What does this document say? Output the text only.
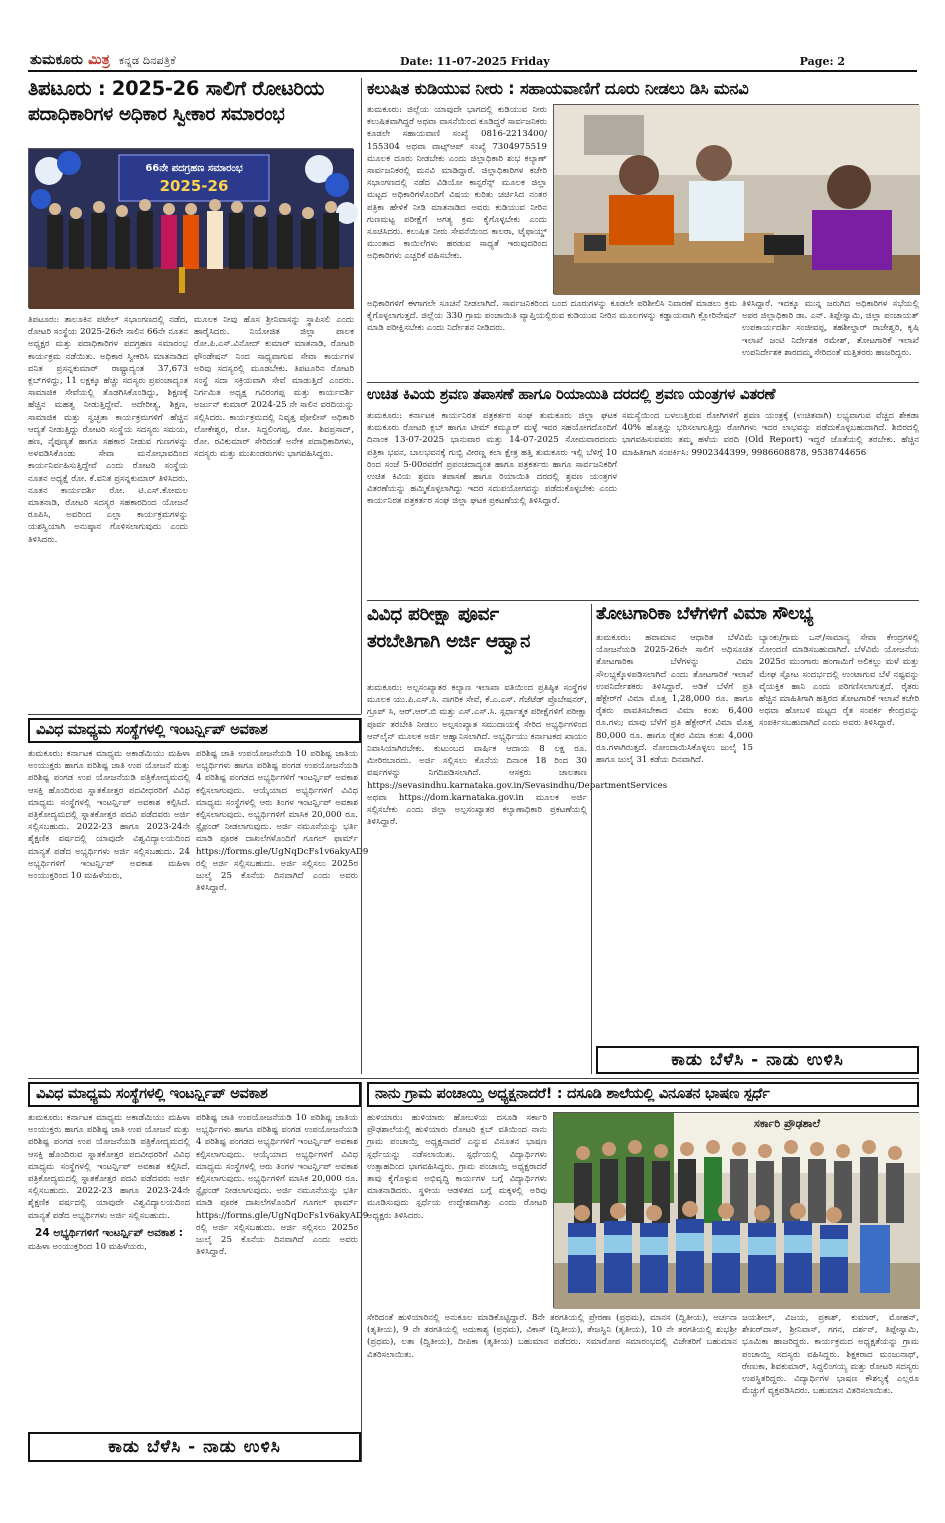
ತುಮಕೂರು ಮಿತ್ರ ಕನ್ನಡ ದಿನಪತ್ರಿಕೆ	Date: 11-07-2025 Friday	Page: 2
ತಿಪಟೂರು : 2025-26 ಸಾಲಿಗೆ ರೋಟರಿಯ
ಪದಾಧಿಕಾರಿಗಳ ಅಧಿಕಾರ ಸ್ವೀಕಾರ ಸಮಾರಂಭ
66ನೇ ಪದಗ್ರಹಣ ಸಮಾರಂಭ
2025-26
ತಿಪಟೂರು: ತಾಲೂಕಿನ ಪಟೇಲ್ ಸಭಾಂಗಣದಲ್ಲಿ ನಡೆದ, ರೋಟರಿ ಸಂಸ್ಥೆಯ 2025-26ನೇ ಸಾಲಿನ 66ನೇ ನೂತನ ಅಧ್ಯಕ್ಷರ ಮತ್ತು ಪದಾಧಿಕಾರಿಗಳ ಪದಗ್ರಹಣ ಸಮಾರಂಭ ಕಾರ್ಯಕ್ರಮ ನಡೆಯಿತು. ಅಧಿಕಾರ ಸ್ವೀಕರಿಸಿ ಮಾತನಾಡಿದ ವನಿತ ಪ್ರಸನ್ನಕುಮಾರ್ ರಾಷ್ಟ್ರಾದ್ಯಂತ 37,673 ಕ್ಲಬ್‌ಗಳಿದ್ದು, 11 ಲಕ್ಷಕ್ಕೂ ಹೆಚ್ಚು ಸದಸ್ಯರು ಪ್ರಪಂಚಾದ್ಯಂತ ಸಾಮಾಜಿಕ ಸೇವೆಯಲ್ಲಿ ತೊಡಗಿಸಿಕೊಂಡಿದ್ದು, ಶಿಕ್ಷಣಕ್ಕೆ ಹೆಚ್ಚಿನ ಮಹತ್ವ ನೀಡುತ್ತಿದ್ದೇವೆ. ಅದೇರೀತ್ಯ, ಶಿಕ್ಷಣ, ಸಾಮಾಜಿಕ ಮತ್ತು ಸ್ವಚ್ಛತಾ ಕಾರ್ಯಕ್ರಮಗಳಿಗೆ ಹೆಚ್ಚಿನ ಆದ್ಯತೆ ನೀಡುತ್ತಿದ್ದು ರೋಟರಿ ಸಂಸ್ಥೆಯ ಸದಸ್ಯರು ಸಮಯ, ಹಣ, ನೈಪುಣ್ಯತೆ ಹಾಗೂ ಸಹಕಾರ ನೀಡುವ ಗುಣಗಳನ್ನು ಅಳವಡಿಸಿಕೊಂಡು ಸೇವಾ ಮನೋಭಾವದಿಂದ ಕಾರ್ಯನಿರ್ವಹಿಸುತ್ತಿದ್ದೇವೆ ಎಂದು ರೋಟರಿ ಸಂಸ್ಥೆಯ ನೂತನ ಅಧ್ಯಕ್ಷೆ ರೋ. ಕೆ.ವನಿತ ಪ್ರಸನ್ನಕುಮಾರ್ ತಿಳಿಸಿದರು. ನೂತನ ಕಾರ್ಯದರ್ಶಿ ರೋ. ಟಿ.ಎಸ್.ಕೋಮಲ ಮಾತನಾಡಿ, ರೋಟರಿ ಸದಸ್ಯರ ಸಹಕಾರದಿಂದ ಯೋಜನೆ ರೂಪಿಸಿ, ಅವರಿಂದ ಎಲ್ಲಾ ಕಾರ್ಯಕ್ರಮಗಳನ್ನು ಯಶಸ್ವಿಯಾಗಿ ಅನುಷ್ಠಾನ ಗೊಳಿಸಲಾಗುವುದು ಎಂದು ತಿಳಿಸಿದರು.
ಮೂಲಕ ನೀವು ಹೊಸ ಶ್ರೀನಿವಾಸನ್ನು ಸ್ಥಾಪಿಸಲಿ ಎಂದು ಹಾರೈಸಿದರು. ನಿಯೋಜಿತ ಜಿಲ್ಲಾ ಪಾಲಕ ರೋ.ಪಿ.ಎಸ್.ವಿನೋದ್ ಕುಮಾರ್ ಮಾತನಾಡಿ, ರೋಟರಿ ಫೌಂಡೇಷನ್ ನಿಂದ ಸಾಧ್ಯವಾಗುವ ಸೇವಾ ಕಾರ್ಯಗಳ ಅರಿವು ಸದಸ್ಯರಲ್ಲಿ ಮೂಡಬೇಕು. ತಿಪಟೂರಿನ ರೋಟರಿ ಸಂಸ್ಥೆ ಸದಾ ಸಕ್ರಿಯವಾಗಿ ಸೇವೆ ಮಾಡುತ್ತಿದೆ ಎಂದರು. ನಿರ್ಗಮಿತ ಅಧ್ಯಕ್ಷ ಗವಿರಂಗಪ್ಪ ಮತ್ತು ಕಾರ್ಯದರ್ಶಿ ಅರ್ಜುನ್ ಕುಮಾರ್ 2024-25 ನೇ ಸಾಲಿನ ವರದಿಯನ್ನು ಸಲ್ಲಿಸಿದರು. ಕಾರ್ಯಕ್ರಮದಲ್ಲಿ ನಿವೃತ್ತ ಪೋಲೀಸ್ ಅಧಿಕಾರಿ ಲೋಕೇಶ್ವರ, ರೋ. ಸಿದ್ದಲಿಂಗಪ್ಪ, ರೋ. ಶಿವಪ್ರಸಾದ್, ರೋ. ರವಿಕುಮಾರ್ ಸೇರಿದಂತೆ ಅನೇಕ ಪದಾಧಿಕಾರಿಗಳು, ಸದಸ್ಯರು ಮತ್ತು ಮುಖಂಡರುಗಳು ಭಾಗವಹಿಸಿದ್ದರು.
ಕಲುಷಿತ ಕುಡಿಯುವ ನೀರು : ಸಹಾಯವಾಣಿಗೆ ದೂರು ನೀಡಲು ಡಿಸಿ ಮನವಿ
ತುಮಕೂರು: ಜಿಲ್ಲೆಯ ಯಾವುದೇ ಭಾಗದಲ್ಲಿ ಕುಡಿಯುವ ನೀರು ಕಲುಷಿತವಾಗಿದ್ದರೆ ಅಥವಾ ವಾಸನೆಯಿಂದ ಕೂಡಿದ್ದರೆ ಸಾರ್ವಜನಿಕರು ಕೂಡಲೇ ಸಹಾಯವಾಣಿ ಸಂಖ್ಯೆ 0816-2213400/ 155304 ಅಥವಾ ವಾಟ್ಸ್ಆಪ್ ಸಂಖ್ಯೆ 7304975519 ಮೂಲಕ ದೂರು ನೀಡಬೇಕು ಎಂದು ಜಿಲ್ಲಾಧಿಕಾರಿ ಶುಭ ಕಲ್ಯಾಣ್ ಸಾರ್ವಜನಿಕರಲ್ಲಿ ಮನವಿ ಮಾಡಿದ್ದಾರೆ. ಜಿಲ್ಲಾಧಿಕಾರಿಗಳ ಕಚೇರಿ ಸಭಾಂಗಣದಲ್ಲಿ ನಡೆದ ವಿಡಿಯೋ ಕಾನ್ಫರೆನ್ಸ್ ಮೂಲಕ ಜಿಲ್ಲಾ ಮಟ್ಟದ ಅಧಿಕಾರಿಗಳೊಂದಿಗೆ ವಿಷಯ ಕುರಿತು ಚರ್ಚಿಸಿದ ನಂತರ ಪತ್ರಿಕಾ ಹೇಳಿಕೆ ನೀಡಿ ಮಾತನಾಡಿದ ಅವರು ಕುಡಿಯುವ ನೀರಿನ ಗುಣಮಟ್ಟ ಪರೀಕ್ಷೆಗೆ ಅಗತ್ಯ ಕ್ರಮ ಕೈಗೊಳ್ಳಬೇಕು ಎಂದು ಸೂಚಿಸಿದರು. ಕಲುಷಿತ ನೀರು ಸೇವನೆಯಿಂದ ಕಾಲರಾ, ಟೈಫಾಯ್ಡ್ ಮುಂತಾದ ಕಾಯಿಲೆಗಳು ಹರಡುವ ಸಾಧ್ಯತೆ ಇರುವುದರಿಂದ ಅಧಿಕಾರಿಗಳು ಎಚ್ಚರಿಕೆ ವಹಿಸಬೇಕು.
ಅಧಿಕಾರಿಗಳಿಗೆ ಈಗಾಗಲೇ ಸೂಚನೆ ನೀಡಲಾಗಿದೆ. ಸಾರ್ವಜನಿಕರಿಂದ ಬಂದ ದೂರುಗಳನ್ನು ಕೂಡಲೇ ಪರಿಶೀಲಿಸಿ ನಿವಾರಣೆ ಮಾಡಲು ಕ್ರಮ ಕೈಗೊಳ್ಳಲಾಗುತ್ತದೆ. ಜಿಲ್ಲೆಯ 330 ಗ್ರಾಮ ಪಂಚಾಯಿತಿ ವ್ಯಾಪ್ತಿಯಲ್ಲಿರುವ ಕುಡಿಯುವ ನೀರಿನ ಮೂಲಗಳನ್ನು ಕಡ್ಡಾಯವಾಗಿ ಕ್ಲೋರಿನೇಷನ್ ಮಾಡಿ ಪರೀಕ್ಷಿಸಬೇಕು ಎಂದು ನಿರ್ದೇಶನ ನೀಡಿದರು.
ತಿಳಿಸಿದ್ದಾರೆ. ಇದಕ್ಕೂ ಮುನ್ನ ಜರುಗಿದ ಅಧಿಕಾರಿಗಳ ಸಭೆಯಲ್ಲಿ ಅಪರ ಜಿಲ್ಲಾಧಿಕಾರಿ ಡಾ. ಎನ್. ತಿಪ್ಪೇಸ್ವಾಮಿ, ಜಿಲ್ಲಾ ಪಂಚಾಯತ್ ಉಪಕಾರ್ಯದರ್ಶಿ ಸಂಜೀವಪ್ಪ, ತಹಶೀಲ್ದಾರ್ ರಾಜೇಶ್ವರಿ, ಕೃಷಿ ಇಲಾಖೆ ಜಂಟಿ ನಿರ್ದೇಶಕ ರಮೇಶ್, ತೋಟಗಾರಿಕೆ ಇಲಾಖೆ ಉಪನಿರ್ದೇಶಕ ಶಾರದಮ್ಮ ಸೇರಿದಂತೆ ಮತ್ತಿತರರು ಹಾಜರಿದ್ದರು.
ಉಚಿತ ಕಿವಿಯ ಶ್ರವಣ ತಪಾಸಣೆ ಹಾಗೂ ರಿಯಾಯಿತಿ ದರದಲ್ಲಿ ಶ್ರವಣ ಯಂತ್ರಗಳ ವಿತರಣೆ
ತುಮಕೂರು: ಕರ್ನಾಟಕ ಕಾರ್ಯನಿರತ ಪತ್ರಕರ್ತರ ಸಂಘ ತುಮಕೂರು ಜಿಲ್ಲಾ ಘಟಕ ತುಮಕೂರು ರೋಟರಿ ಕ್ಲಬ್ ಹಾಗೂ ಟೀಮ್ ಕಮ್ಯೂರ್ ಮಳ್ಳೆ ಇವರ ಸಹಯೋಗದೊಂದಿಗೆ ದಿನಾಂಕ 13-07-2025 ಭಾನುವಾರ ಮತ್ತು 14-07-2025 ಸೋಮವಾರದಂದು ಪತ್ರಿಕಾ ಭವನ, ಬಾಲಭವನಕ್ಕೆ ಗುಬ್ಬಿ ವೀರಣ್ಣ ಕಲಾ ಕ್ಷೇತ್ರ ಹತ್ತಿ ತುಮಕೂರು ಇಲ್ಲಿ ಬೆಳಿಗ್ಗೆ 10 ರಿಂದ ಸಂಜೆ 5-00ರವರೆಗೆ ಪ್ರಪಂಚದಾದ್ಯಂತ ಹಾಗೂ ಪತ್ರಕರ್ತರು ಹಾಗೂ ಸಾರ್ವಜನಿಕರಿಗೆ ಉಚಿತ ಕಿವಿಯ ಶ್ರವಣ ತಪಾಸಣೆ ಹಾಗೂ ರಿಯಾಯಿತಿ ದರದಲ್ಲಿ ಶ್ರವಣ ಯಂತ್ರಗಳ ವಿತರಣೆಯನ್ನು ಹಮ್ಮಿಕೊಳ್ಳಲಾಗಿದ್ದು ಇದರ ಸದುಪಯೋಗವನ್ನು ಪಡೆದುಕೊಳ್ಳಬೇಕು ಎಂದು ಕಾರ್ಯನಿರತ ಪತ್ರಕರ್ತರ ಸಂಘ ಜಿಲ್ಲಾ ಘಟಕ ಪ್ರಕಟಣೆಯಲ್ಲಿ ತಿಳಿಸಿದ್ದಾರೆ.
ಸಮಸ್ಯೆಯಿಂದ ಬಳಲುತ್ತಿರುವ ರೋಗಿಗಳಿಗೆ ಶ್ರವಣ ಯಂತ್ರಕ್ಕೆ (ಉಚಿತವಾಗಿ) ಲಭ್ಯವಾಗುವ ವೆಚ್ಚದ ಶೇಕಡಾ 40% ಹೊತ್ತನ್ನು ಭರಿಸಲಾಗುತ್ತಿದ್ದು ರೋಗಿಗಳು ಇದರ ಲಾಭವನ್ನು ಪಡೆದುಕೊಳ್ಳಬಹುದಾಗಿದೆ. ಶಿಬಿರದಲ್ಲಿ ಭಾಗವಹಿಸುವವರು ತಮ್ಮ ಹಳೆಯ ವರದಿ (Old Report) ಇದ್ದರೆ ಜೊತೆಯಲ್ಲಿ ತರಬೇಕು. ಹೆಚ್ಚಿನ ಮಾಹಿತಿಗಾಗಿ ಸಂಪರ್ಕಿಸಿ: 9902344399, 9986608878, 9538744656
ವಿವಿಧ ಪರೀಕ್ಷಾ ಪೂರ್ವ
ತರಬೇತಿಗಾಗಿ ಅರ್ಜಿ ಆಹ್ವಾನ
ತುಮಕೂರು: ಅಲ್ಪಸಂಖ್ಯಾತರ ಕಲ್ಯಾಣ ಇಲಾಖಾ ವತಿಯಿಂದ ಪ್ರತಿಷ್ಠಿತ ಸಂಸ್ಥೆಗಳ ಮೂಲಕ ಯು.ಪಿ.ಎಸ್.ಸಿ. ನಾಗರಿಕ ಸೇವೆ, ಕೆ.ಎ.ಎಸ್. ಗೆಜೆಟೆಡ್ ಪ್ರೊಬೇಷನರ್, ಗ್ರೂಪ್ ಸಿ, ಆರ್.ಆರ್.ಬಿ ಮತ್ತು ಎಸ್.ಎಸ್.ಸಿ. ಸ್ಪರ್ಧಾತ್ಮಕ ಪರೀಕ್ಷೆಗಳಿಗೆ ಪರೀಕ್ಷಾ ಪೂರ್ವ ತರಬೇತಿ ನೀಡಲು ಅಲ್ಪಸಂಖ್ಯಾತ ಸಮುದಾಯಕ್ಕೆ ಸೇರಿದ ಅಭ್ಯರ್ಥಿಗಳಿಂದ ಆನ್‌ಲೈನ್ ಮೂಲಕ ಅರ್ಜಿ ಆಹ್ವಾನಿಸಲಾಗಿದೆ. ಅಭ್ಯರ್ಥಿಯು ಕರ್ನಾಟಕದ ಖಾಯಂ ನಿವಾಸಿಯಾಗಿರಬೇಕು. ಕುಟುಂಬದ ವಾರ್ಷಿಕ ಆದಾಯ 8 ಲಕ್ಷ ರೂ. ಮೀರಿರಬಾರದು. ಅರ್ಜಿ ಸಲ್ಲಿಸಲು ಕೊನೆಯ ದಿನಾಂಕ 18 ರಿಂದ 30 ವರ್ಷಗಳನ್ನು ನಿಗದಿಪಡಿಸಲಾಗಿದೆ. ಆಸಕ್ತರು ಜಾಲತಾಣ https://sevasindhu.karnataka.gov.in/Sevasindhu/DepartmentServices ಅಥವಾ https://dom.karnataka.gov.in ಮೂಲಕ ಅರ್ಜಿ ಸಲ್ಲಿಸಬೇಕು ಎಂದು ಜಿಲ್ಲಾ ಅಲ್ಪಸಂಖ್ಯಾತರ ಕಲ್ಯಾಣಾಧಿಕಾರಿ ಪ್ರಕಟಣೆಯಲ್ಲಿ ತಿಳಿಸಿದ್ದಾರೆ.
ತೋಟಗಾರಿಕಾ ಬೆಳೆಗಳಿಗೆ ವಿಮಾ ಸೌಲಭ್ಯ
ತುಮಕೂರು: ಹವಾಮಾನ ಆಧಾರಿತ ಬೆಳೆವಿಮೆ ಯೋಜನೆಯಡಿ 2025-26ನೇ ಸಾಲಿಗೆ ಅಧಿಸೂಚಿತ ತೋಟಗಾರಿಕಾ ಬೆಳೆಗಳನ್ನು ವಿಮಾ ಸೌಲಭ್ಯಕ್ಕೊಳಪಡಿಸಲಾಗಿದೆ ಎಂದು ತೋಟಗಾರಿಕೆ ಇಲಾಖೆ ಉಪನಿರ್ದೇಶಕರು ತಿಳಿಸಿದ್ದಾರೆ. ಅಡಿಕೆ ಬೆಳೆಗೆ ಪ್ರತಿ ಹೆಕ್ಟೇರ್‌ಗೆ ವಿಮಾ ಮೊತ್ತ 1,28,000 ರೂ. ಹಾಗೂ ರೈತರು ಪಾವತಿಸಬೇಕಾದ ವಿಮಾ ಕಂತು 6,400 ರೂ.ಗಳು; ಮಾವು ಬೆಳೆಗೆ ಪ್ರತಿ ಹೆಕ್ಟೇರ್‌ಗೆ ವಿಮಾ ಮೊತ್ತ 80,000 ರೂ. ಹಾಗೂ ರೈತರ ವಿಮಾ ಕಂತು 4,000 ರೂ.ಗಳಾಗಿರುತ್ತದೆ. ನೋಂದಾಯಿಸಿಕೊಳ್ಳಲು ಜುಲೈ 15 ಹಾಗೂ ಜುಲೈ 31 ಕಡೆಯ ದಿನವಾಗಿದೆ.
ಬ್ಯಾಂಕು/ಗ್ರಾಮ ಒನ್/ಸಾಮಾನ್ಯ ಸೇವಾ ಕೇಂದ್ರಗಳಲ್ಲಿ ನೋಂದಣಿ ಮಾಡಿಸಬಹುದಾಗಿದೆ. ಬೆಳೆವಿಮೆ ಯೋಜನೆಯ 2025ರ ಮುಂಗಾರು ಹಂಗಾಮಿಗೆ ಅಲಿಕಲ್ಲು ಮಳೆ ಮತ್ತು ಮೇಘ ಸ್ಫೋಟ ಸಂದರ್ಭದಲ್ಲಿ ಉಂಟಾಗುವ ಬೆಳೆ ನಷ್ಟವನ್ನು ವೈಯಕ್ತಿಕ ಹಾನಿ ಎಂದು ಪರಿಗಣಿಸಲಾಗುತ್ತದೆ. ರೈತರು ಹೆಚ್ಚಿನ ಮಾಹಿತಿಗಾಗಿ ಹತ್ತಿರದ ತೋಟಗಾರಿಕೆ ಇಲಾಖೆ ಕಚೇರಿ ಅಥವಾ ಹೋಬಳಿ ಮಟ್ಟದ ರೈತ ಸಂಪರ್ಕ ಕೇಂದ್ರವನ್ನು ಸಂಪರ್ಕಿಸಬಹುದಾಗಿದೆ ಎಂದು ಅವರು ತಿಳಿಸಿದ್ದಾರೆ.
ಕಾಡು ಬೆಳೆಸಿ - ನಾಡು ಉಳಿಸಿ
ವಿವಿಧ ಮಾಧ್ಯಮ ಸಂಸ್ಥೆಗಳಲ್ಲಿ ಇಂಟರ್ನ್ಷಿಪ್ ಅವಕಾಶ
ತುಮಕೂರು: ಕರ್ನಾಟಕ ಮಾಧ್ಯಮ ಅಕಾಡೆಮಿಯು ಮಹಿಳಾ ಅಂಯುಕ್ತರು ಹಾಗೂ ಪರಿಶಿಷ್ಟ ಜಾತಿ ಉಪ ಯೋಜನೆ ಮತ್ತು ಪರಿಶಿಷ್ಟ ಪಂಗಡ ಉಪ ಯೋಜನೆಯಡಿ ಪತ್ರಿಕೋದ್ಯಮದಲ್ಲಿ ಆಸಕ್ತಿ ಹೊಂದಿರುವ ಸ್ನಾತಕೋತ್ತರ ಪದವೀಧರರಿಗೆ ವಿವಿಧ ಮಾಧ್ಯಮ ಸಂಸ್ಥೆಗಳಲ್ಲಿ ಇಂಟರ್ನ್ಷಿಪ್ ಅವಕಾಶ ಕಲ್ಪಿಸಿದೆ. ಪತ್ರಿಕೋದ್ಯಮದಲ್ಲಿ ಸ್ನಾತಕೋತ್ತರ ಪದವಿ ಪಡೆದವರು ಅರ್ಜಿ ಸಲ್ಲಿಸಬಹುದು. 2022-23 ಹಾಗೂ 2023-24ನೇ ಶೈಕ್ಷಣಿಕ ವರ್ಷದಲ್ಲಿ ಯಾವುದೇ ವಿಶ್ವವಿದ್ಯಾಲಯದಿಂದ ಮಾನ್ಯತೆ ಪಡೆದ ಅಭ್ಯರ್ಥಿಗಳು ಅರ್ಜಿ ಸಲ್ಲಿಸಬಹುದು. 24 ಅಭ್ಯರ್ಥಿಗಳಿಗೆ ಇಂಟರ್ನ್ಷಿಪ್ ಅವಕಾಶ ಮಹಿಳಾ ಅಂಯುಕ್ತರಿಂದ 10 ಮಹಿಳೆಯರು,
ಪರಿಶಿಷ್ಟ ಜಾತಿ ಉಪಯೋಜನೆಯಡಿ 10 ಪರಿಶಿಷ್ಟ ಜಾತಿಯ ಅಭ್ಯರ್ಥಿಗಳು ಹಾಗೂ ಪರಿಶಿಷ್ಟ ಪಂಗಡ ಉಪಯೋಜನೆಯಡಿ 4 ಪರಿಶಿಷ್ಟ ಪಂಗಡದ ಅಭ್ಯರ್ಥಿಗಳಿಗೆ ಇಂಟರ್ನ್ಷಿಪ್ ಅವಕಾಶ ಕಲ್ಪಿಸಲಾಗುವುದು. ಆಯ್ಕೆಯಾದ ಅಭ್ಯರ್ಥಿಗಳಿಗೆ ವಿವಿಧ ಮಾಧ್ಯಮ ಸಂಸ್ಥೆಗಳಲ್ಲಿ ಆರು ತಿಂಗಳ ಇಂಟರ್ನ್ಷಿಪ್ ಅವಕಾಶ ಕಲ್ಪಿಸಲಾಗುವುದು. ಅಭ್ಯರ್ಥಿಗಳಿಗೆ ಮಾಸಿಕ 20,000 ರೂ. ಸ್ಟೈಫಂಡ್ ನೀಡಲಾಗುವುದು. ಅರ್ಜಿ ನಮೂನೆಯನ್ನು ಭರ್ತಿ ಮಾಡಿ ಪೂರಕ ದಾಖಲೆಗಳೊಂದಿಗೆ ಗೂಗಲ್ ಫಾರ್ಮ್ https://forms.gle/UgNqDcFs1v6akyAD9 ರಲ್ಲಿ ಅರ್ಜಿ ಸಲ್ಲಿಸಬಹುದು. ಅರ್ಜಿ ಸಲ್ಲಿಸಲು 2025ರ ಜುಲೈ 25 ಕೊನೆಯ ದಿನವಾಗಿದೆ ಎಂದು ಅವರು ತಿಳಿಸಿದ್ದಾರೆ.
ವಿವಿಧ ಮಾಧ್ಯಮ ಸಂಸ್ಥೆಗಳಲ್ಲಿ ಇಂಟರ್ನ್ಷಿಪ್ ಅವಕಾಶ
ತುಮಕೂರು: ಕರ್ನಾಟಕ ಮಾಧ್ಯಮ ಅಕಾಡೆಮಿಯು ಮಹಿಳಾ ಅಂಯುಕ್ತರು ಹಾಗೂ ಪರಿಶಿಷ್ಟ ಜಾತಿ ಉಪ ಯೋಜನೆ ಮತ್ತು ಪರಿಶಿಷ್ಟ ಪಂಗಡ ಉಪ ಯೋಜನೆಯಡಿ ಪತ್ರಿಕೋದ್ಯಮದಲ್ಲಿ ಆಸಕ್ತಿ ಹೊಂದಿರುವ ಸ್ನಾತಕೋತ್ತರ ಪದವೀಧರರಿಗೆ ವಿವಿಧ ಮಾಧ್ಯಮ ಸಂಸ್ಥೆಗಳಲ್ಲಿ ಇಂಟರ್ನ್ಷಿಪ್ ಅವಕಾಶ ಕಲ್ಪಿಸಿದೆ. ಪತ್ರಿಕೋದ್ಯಮದಲ್ಲಿ ಸ್ನಾತಕೋತ್ತರ ಪದವಿ ಪಡೆದವರು ಅರ್ಜಿ ಸಲ್ಲಿಸಬಹುದು. 2022-23 ಹಾಗೂ 2023-24ನೇ ಶೈಕ್ಷಣಿಕ ವರ್ಷದಲ್ಲಿ ಯಾವುದೇ ವಿಶ್ವವಿದ್ಯಾಲಯದಿಂದ ಮಾನ್ಯತೆ ಪಡೆದ ಅಭ್ಯರ್ಥಿಗಳು ಅರ್ಜಿ ಸಲ್ಲಿಸಬಹುದು.
24 ಅಭ್ಯರ್ಥಿಗಳಿಗೆ ಇಂಟರ್ನ್ಷಿಪ್ ಅವಕಾಶ :
ಮಹಿಳಾ ಅಂಯುಕ್ತರಿಂದ 10 ಮಹಿಳೆಯರು,
ಪರಿಶಿಷ್ಟ ಜಾತಿ ಉಪಯೋಜನೆಯಡಿ 10 ಪರಿಶಿಷ್ಟ ಜಾತಿಯ ಅಭ್ಯರ್ಥಿಗಳು ಹಾಗೂ ಪರಿಶಿಷ್ಟ ಪಂಗಡ ಉಪಯೋಜನೆಯಡಿ 4 ಪರಿಶಿಷ್ಟ ಪಂಗಡದ ಅಭ್ಯರ್ಥಿಗಳಿಗೆ ಇಂಟರ್ನ್ಷಿಪ್ ಅವಕಾಶ ಕಲ್ಪಿಸಲಾಗುವುದು. ಆಯ್ಕೆಯಾದ ಅಭ್ಯರ್ಥಿಗಳಿಗೆ ವಿವಿಧ ಮಾಧ್ಯಮ ಸಂಸ್ಥೆಗಳಲ್ಲಿ ಆರು ತಿಂಗಳ ಇಂಟರ್ನ್ಷಿಪ್ ಅವಕಾಶ ಕಲ್ಪಿಸಲಾಗುವುದು. ಅಭ್ಯರ್ಥಿಗಳಿಗೆ ಮಾಸಿಕ 20,000 ರೂ. ಸ್ಟೈಫಂಡ್ ನೀಡಲಾಗುವುದು. ಅರ್ಜಿ ನಮೂನೆಯನ್ನು ಭರ್ತಿ ಮಾಡಿ ಪೂರಕ ದಾಖಲೆಗಳೊಂದಿಗೆ ಗೂಗಲ್ ಫಾರ್ಮ್ https://forms.gle/UgNqDcFs1v6akyAD9 ರಲ್ಲಿ ಅರ್ಜಿ ಸಲ್ಲಿಸಬಹುದು. ಅರ್ಜಿ ಸಲ್ಲಿಸಲು 2025ರ ಜುಲೈ 25 ಕೊನೆಯ ದಿನವಾಗಿದೆ ಎಂದು ಅವರು ತಿಳಿಸಿದ್ದಾರೆ.
ಕಾಡು ಬೆಳೆಸಿ - ನಾಡು ಉಳಿಸಿ
ನಾನು ಗ್ರಾಮ ಪಂಚಾಯ್ತಿ ಅಧ್ಯಕ್ಷನಾದರೆ! : ದಸೂಡಿ ಶಾಲೆಯಲ್ಲಿ ವಿನೂತನ ಭಾಷಣ ಸ್ಪರ್ಧೆ
ಹುಳಿಯಾರು: ಹುಳಿಯಾರು ಹೋಬಳಿಯ ದಸೂಡಿ ಸರ್ಕಾರಿ ಪ್ರೌಢಶಾಲೆಯಲ್ಲಿ ಹುಳಿಯಾರು ರೋಟರಿ ಕ್ಲಬ್ ವತಿಯಿಂದ ನಾನು ಗ್ರಾಮ ಪಂಚಾಯ್ತಿ ಅಧ್ಯಕ್ಷನಾದರೆ ಎನ್ನುವ ವಿನೂತನ ಭಾಷಣ ಸ್ಪರ್ಧೆಯನ್ನು ನಡೆಸಲಾಯಿತು. ಸ್ಪರ್ಧೆಯಲ್ಲಿ ವಿದ್ಯಾರ್ಥಿಗಳು ಉತ್ಸಾಹದಿಂದ ಭಾಗವಹಿಸಿದ್ದರು. ಗ್ರಾಮ ಪಂಚಾಯ್ತಿ ಅಧ್ಯಕ್ಷರಾದರೆ ತಾವು ಕೈಗೊಳ್ಳುವ ಅಭಿವೃದ್ಧಿ ಕಾರ್ಯಗಳ ಬಗ್ಗೆ ವಿದ್ಯಾರ್ಥಿಗಳು ಮಾತನಾಡಿದರು. ಸ್ಥಳೀಯ ಆಡಳಿತದ ಬಗ್ಗೆ ಮಕ್ಕಳಲ್ಲಿ ಅರಿವು ಮೂಡಿಸುವುದು ಸ್ಪರ್ಧೆಯ ಉದ್ದೇಶವಾಗಿತ್ತು ಎಂದು ರೋಟರಿ ಅಧ್ಯಕ್ಷರು ತಿಳಿಸಿದರು.
ಸರ್ಕಾರಿ ಪ್ರೌಢಶಾಲೆ
ಸೇರಿದಂತೆ ಹುಳಿಯಾರಿನಲ್ಲಿ ಅನುಕೂಲ ಮಾಡಿಕೊಟ್ಟಿದ್ದಾರೆ. 8ನೇ ತರಗತಿಯಲ್ಲಿ ಪ್ರೇರಣಾ (ಪ್ರಥಮ), ಮಾನಸ (ದ್ವಿತೀಯ), ಅರ್ಚನಾ (ತೃತೀಯ), 9 ನೇ ತರಗತಿಯಲ್ಲಿ ಅದುಕಾಶ್ಯ (ಪ್ರಥಮ), ವಿಕಾಸ್ (ದ್ವಿತೀಯ), ತೇಜಸ್ವಿನಿ (ತೃತೀಯ), 10 ನೇ ತರಗತಿಯಲ್ಲಿ ಶುಭಶ್ರೀ (ಪ್ರಥಮ), ಲತಾ (ದ್ವಿತೀಯ), ದೀಪಿಕಾ (ತೃತೀಯ) ಬಹುಮಾನ ಪಡೆದರು. ಸಮಾರೋಪ ಸಮಾರಂಭದಲ್ಲಿ ವಿಜೇತರಿಗೆ ಬಹುಮಾನ ವಿತರಿಸಲಾಯಿತು.
ಜಯಶೀಲ್, ವಿಜಯ, ಪ್ರಕಾಶ್, ಕುಮಾರ್, ಮೋಹನ್, ಶೇಖರ್‌ದಾಸ್, ಶ್ರೀನಿವಾಸ್, ಗಗನ, ದರ್ಶನ್, ತಿಪ್ಪೇಸ್ವಾಮಿ, ಭೂಮಿಕಾ ಹಾಜರಿದ್ದರು. ಕಾರ್ಯಕ್ರಮದ ಅಧ್ಯಕ್ಷತೆಯನ್ನು ಗ್ರಾಮ ಪಂಚಾಯ್ತಿ ಸದಸ್ಯರು ವಹಿಸಿದ್ದರು. ಶಿಕ್ಷಕರಾದ ಮಂಜುನಾಥ್, ರೇಣುಕಾ, ಶಿವಕುಮಾರ್, ಸಿದ್ದಲಿಂಗಯ್ಯ ಮತ್ತು ರೋಟರಿ ಸದಸ್ಯರು ಉಪಸ್ಥಿತರಿದ್ದರು. ವಿದ್ಯಾರ್ಥಿಗಳ ಭಾಷಣ ಕೌಶಲ್ಯಕ್ಕೆ ಎಲ್ಲರೂ ಮೆಚ್ಚುಗೆ ವ್ಯಕ್ತಪಡಿಸಿದರು. ಬಹುಮಾನ ವಿತರಿಸಲಾಯಿತು.
